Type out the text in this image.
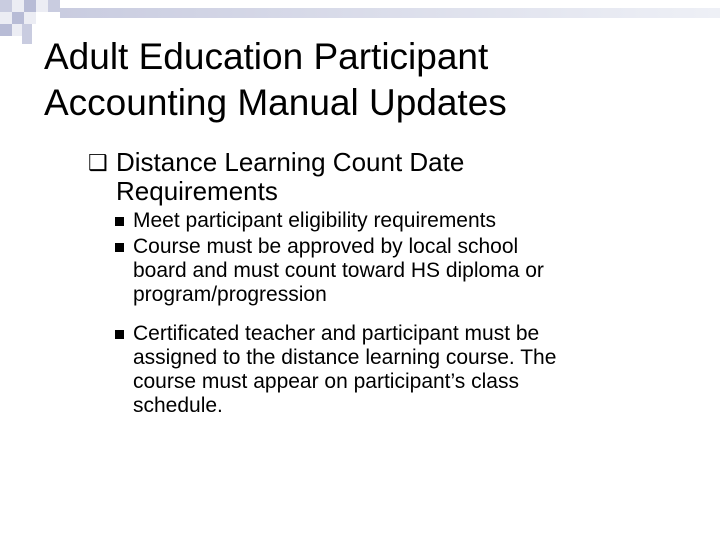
Adult Education Participant
Accounting Manual Updates
❑ Distance Learning Count Date
Requirements
Meet participant eligibility requirements
Course must be approved by local school
board and must count toward HS diploma or
program/progression
Certificated teacher and participant must be
assigned to the distance learning course. The
course must appear on participant’s class
schedule.
